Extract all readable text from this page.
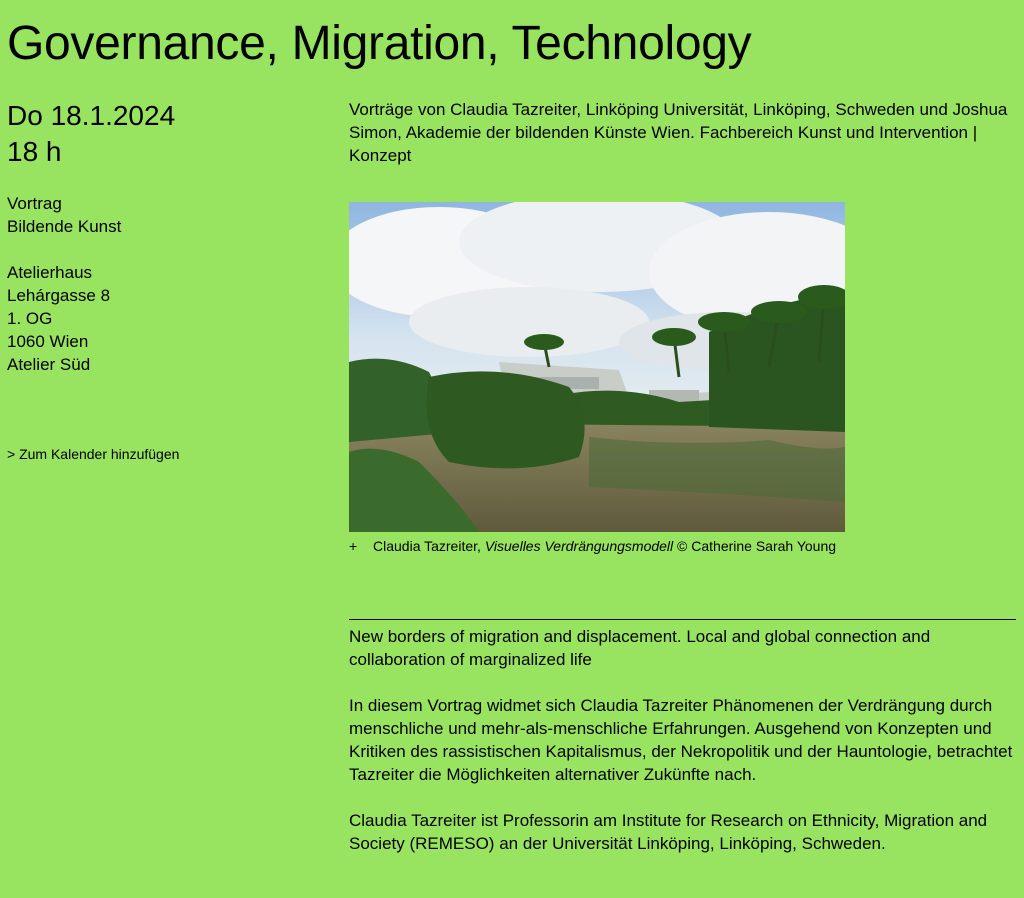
Governance, Migration, Technology
Do 18.1.2024
18 h
Vortrag
Bildende Kunst
Atelierhaus
Lehárgasse 8
1. OG
1060 Wien
Atelier Süd
> Zum Kalender hinzufügen

Vorträge von Claudia Tazreiter, Linköping Universität, Linköping, Schweden und Joshua Simon, Akademie der bildenden Künste Wien. Fachbereich Kunst und Intervention | Konzept

+	Claudia Tazreiter, Visuelles Verdrängungsmodell © Catherine Sarah Young

New borders of migration and displacement. Local and global connection and collaboration of marginalized life

In diesem Vortrag widmet sich Claudia Tazreiter Phänomenen der Verdrängung durch menschliche und mehr-als-menschliche Erfahrungen. Ausgehend von Konzepten und Kritiken des rassistischen Kapitalismus, der Nekropolitik und der Hauntologie, betrachtet Tazreiter die Möglichkeiten alternativer Zukünfte nach.

Claudia Tazreiter ist Professorin am Institute for Research on Ethnicity, Migration and Society (REMESO) an der Universität Linköping, Linköping, Schweden.
